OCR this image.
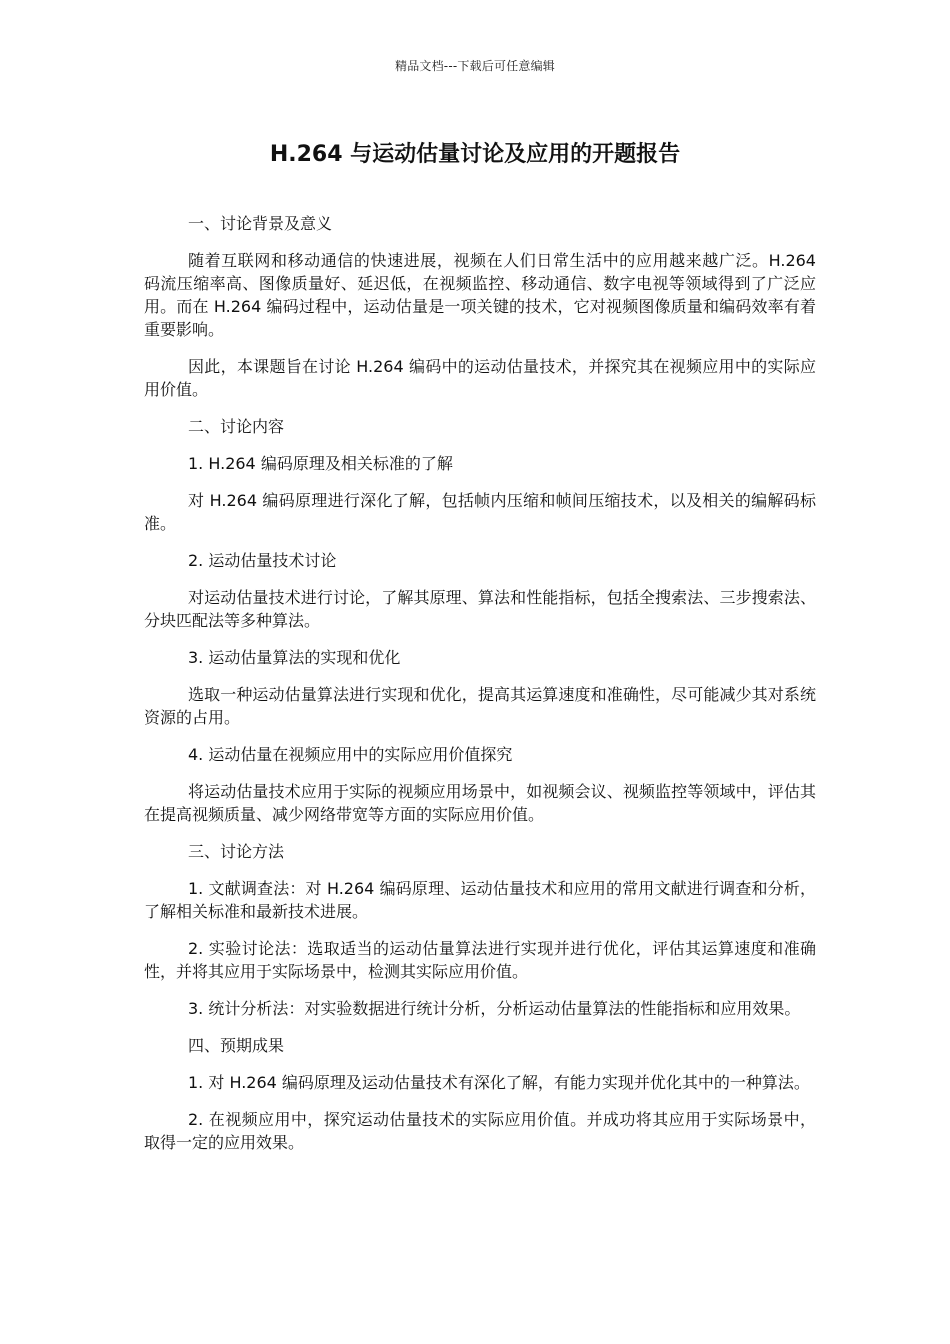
精品文档---下载后可任意编辑
H.264 与运动估量讨论及应用的开题报告

一、讨论背景及意义

随着互联网和移动通信的快速进展，视频在人们日常生活中的应用越来越广泛。H.264 码流压缩率高、图像质量好、延迟低，在视频监控、移动通信、数字电视等领域得到了广泛应用。而在 H.264 编码过程中，运动估量是一项关键的技术，它对视频图像质量和编码效率有着重要影响。

因此，本课题旨在讨论 H.264 编码中的运动估量技术，并探究其在视频应用中的实际应用价值。

二、讨论内容

1. H.264 编码原理及相关标准的了解

对 H.264 编码原理进行深化了解，包括帧内压缩和帧间压缩技术，以及相关的编解码标准。

2. 运动估量技术讨论

对运动估量技术进行讨论，了解其原理、算法和性能指标，包括全搜索法、三步搜索法、分块匹配法等多种算法。

3. 运动估量算法的实现和优化

选取一种运动估量算法进行实现和优化，提高其运算速度和准确性，尽可能减少其对系统资源的占用。

4. 运动估量在视频应用中的实际应用价值探究

将运动估量技术应用于实际的视频应用场景中，如视频会议、视频监控等领域中，评估其在提高视频质量、减少网络带宽等方面的实际应用价值。

三、讨论方法

1. 文献调查法：对 H.264 编码原理、运动估量技术和应用的常用文献进行调查和分析，了解相关标准和最新技术进展。

2. 实验讨论法：选取适当的运动估量算法进行实现并进行优化，评估其运算速度和准确性，并将其应用于实际场景中，检测其实际应用价值。

3. 统计分析法：对实验数据进行统计分析，分析运动估量算法的性能指标和应用效果。

四、预期成果

1. 对 H.264 编码原理及运动估量技术有深化了解，有能力实现并优化其中的一种算法。

2. 在视频应用中，探究运动估量技术的实际应用价值。并成功将其应用于实际场景中，取得一定的应用效果。
